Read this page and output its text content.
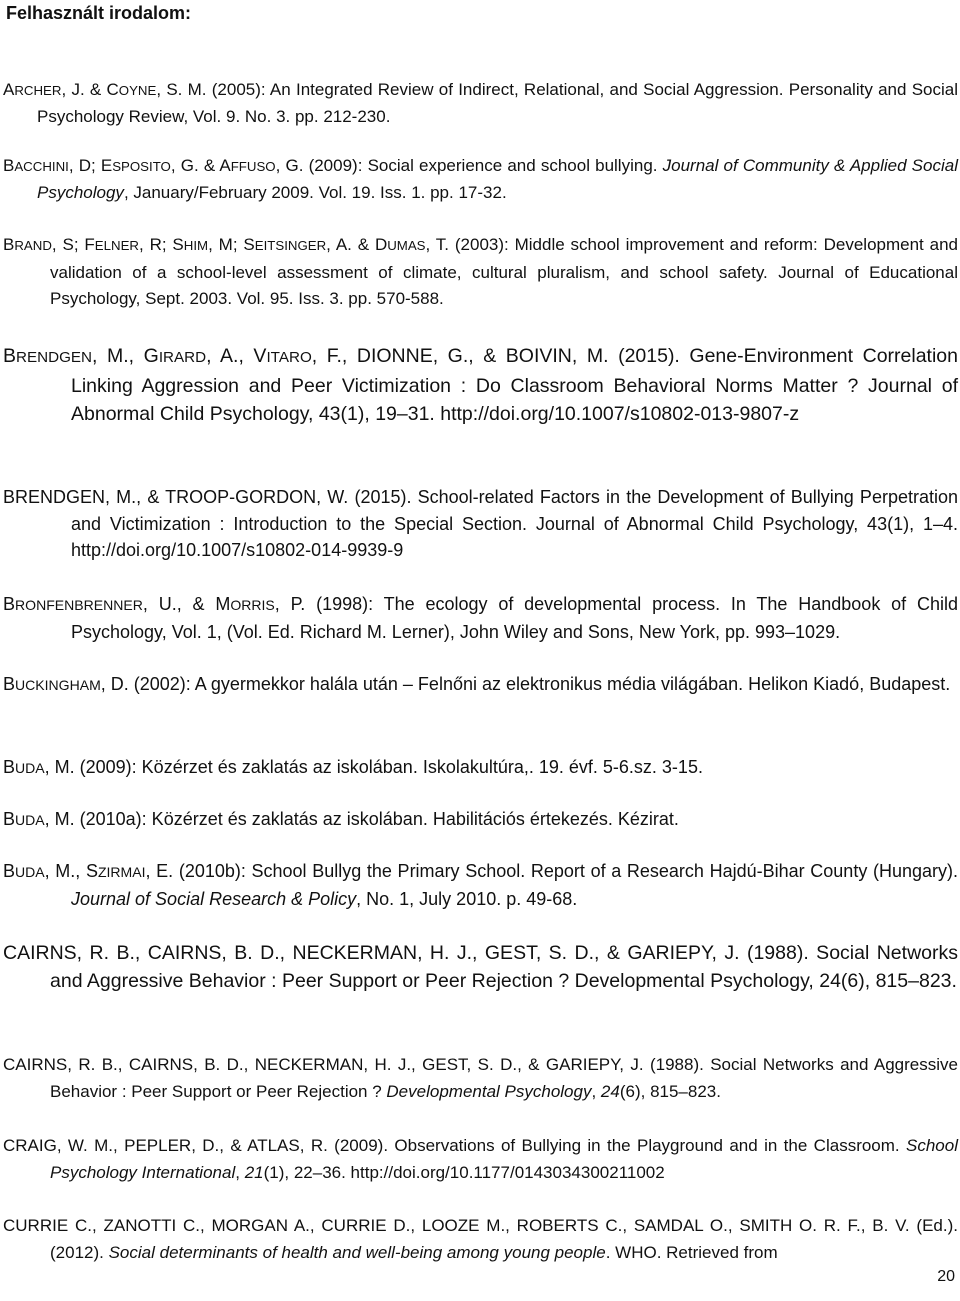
Felhasznált irodalom:

ARCHER, J. & COYNE, S. M. (2005): An Integrated Review of Indirect, Relational, and Social Aggression. Personality and Social Psychology Review, Vol. 9. No. 3. pp. 212-230.

BACCHINI, D; ESPOSITO, G. & AFFUSO, G. (2009): Social experience and school bullying. Journal of Community & Applied Social Psychology, January/February 2009. Vol. 19. Iss. 1. pp. 17-32.

BRAND, S; FELNER, R; SHIM, M; SEITSINGER, A. & DUMAS, T. (2003): Middle school improvement and reform: Development and validation of a school-level assessment of climate, cultural pluralism, and school safety. Journal of Educational Psychology, Sept. 2003. Vol. 95. Iss. 3. pp. 570-588.

BRENDGEN, M., GIRARD, A., VITARO, F., DIONNE, G., & BOIVIN, M. (2015). Gene-Environment Correlation Linking Aggression and Peer Victimization : Do Classroom Behavioral Norms Matter ? Journal of Abnormal Child Psychology, 43(1), 19–31. http://doi.org/10.1007/s10802-013-9807-z

BRENDGEN, M., & TROOP-GORDON, W. (2015). School-related Factors in the Development of Bullying Perpetration and Victimization : Introduction to the Special Section. Journal of Abnormal Child Psychology, 43(1), 1–4. http://doi.org/10.1007/s10802-014-9939-9

BRONFENBRENNER, U., & MORRIS, P. (1998): The ecology of developmental process. In The Handbook of Child Psychology, Vol. 1, (Vol. Ed. Richard M. Lerner), John Wiley and Sons, New York, pp. 993–1029.

BUCKINGHAM, D. (2002): A gyermekkor halála után – Felnőni az elektronikus média világában. Helikon Kiadó, Budapest.

BUDA, M. (2009): Közérzet és zaklatás az iskolában. Iskolakultúra,. 19. évf. 5-6.sz. 3-15.

BUDA, M. (2010a): Közérzet és zaklatás az iskolában. Habilitációs értekezés. Kézirat.

BUDA, M., SZIRMAI, E. (2010b): School Bullyg the Primary School. Report of a Research Hajdú-Bihar County (Hungary). Journal of Social Research & Policy, No. 1, July 2010. p. 49-68.

CAIRNS, R. B., CAIRNS, B. D., NECKERMAN, H. J., GEST, S. D., & GARIEPY, J. (1988). Social Networks and Aggressive Behavior : Peer Support or Peer Rejection ? Developmental Psychology, 24(6), 815–823.

CAIRNS, R. B., CAIRNS, B. D., NECKERMAN, H. J., GEST, S. D., & GARIEPY, J. (1988). Social Networks and Aggressive Behavior : Peer Support or Peer Rejection ? Developmental Psychology, 24(6), 815–823.

CRAIG, W. M., PEPLER, D., & ATLAS, R. (2009). Observations of Bullying in the Playground and in the Classroom. School Psychology International, 21(1), 22–36. http://doi.org/10.1177/0143034300211002

CURRIE C., ZANOTTI C., MORGAN A., CURRIE D., LOOZE M., ROBERTS C., SAMDAL O., SMITH O. R. F., B. V. (Ed.). (2012). Social determinants of health and well-being among young people. WHO. Retrieved from

20
